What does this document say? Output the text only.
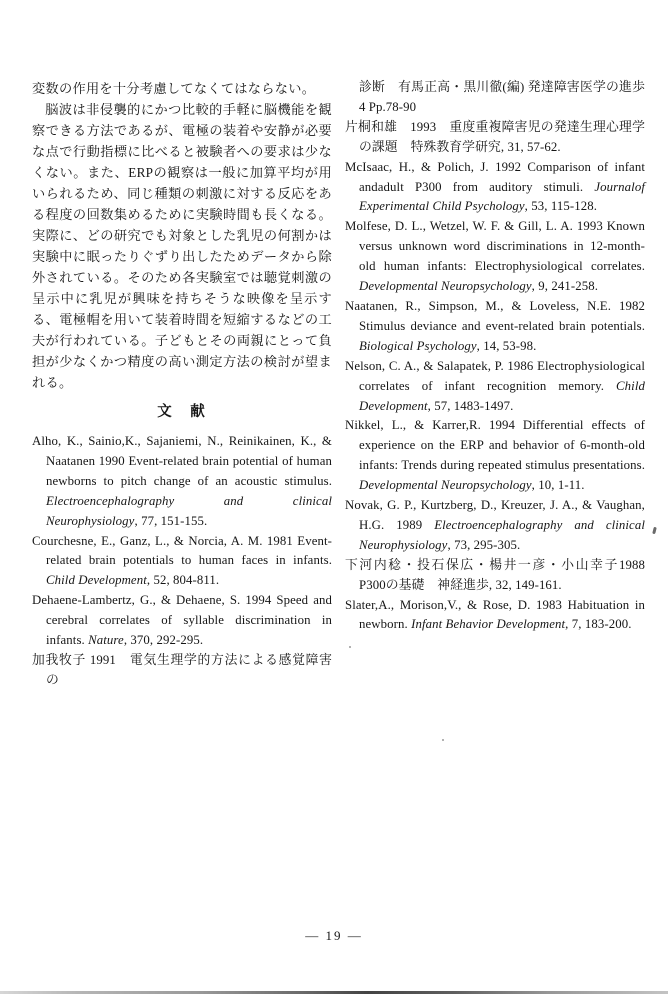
変数の作用を十分考慮してなくてはならない。

脳波は非侵襲的にかつ比較的手軽に脳機能を観察できる方法であるが、電極の装着や安静が必要な点で行動指標に比べると被験者への要求は少なくない。また、ERPの観察は一般に加算平均が用いられるため、同じ種類の刺激に対する反応をある程度の回数集めるために実験時間も長くなる。実際に、どの研究でも対象とした乳児の何割かは実験中に眠ったりぐずり出したためデータから除外されている。そのため各実験室では聴覚刺激の呈示中に乳児が興味を持ちそうな映像を呈示する、電極帽を用いて装着時間を短縮するなどの工夫が行われている。子どもとその両親にとって負担が少なくかつ精度の高い測定方法の検討が望まれる。

文　献

Alho, K., Sainio,K., Sajaniemi, N., Reinikainen, K., & Naatanen 1990 Event-related brain potential of human newborns to pitch change of an acoustic stimulus. Electroencephalography and clinical Neurophysiology, 77, 151-155.

Courchesne, E., Ganz, L., & Norcia, A. M. 1981 Event-related brain potentials to human faces in infants. Child Development, 52, 804-811.

Dehaene-Lambertz, G., & Dehaene, S. 1994 Speed and cerebral correlates of syllable discrimination in infants. Nature, 370, 292-295.

加我牧子 1991　電気生理学的方法による感覚障害の

診断　有馬正高・黒川徹(編) 発達障害医学の進歩 4 Pp.78-90

片桐和雄　1993　重度重複障害児の発達生理心理学の課題　特殊教育学研究, 31, 57-62.

McIsaac, H., & Polich, J. 1992 Comparison of infant andadult P300 from auditory stimuli. Journalof Experimental Child Psychology, 53, 115-128.

Molfese, D. L., Wetzel, W. F. & Gill, L. A. 1993 Known versus unknown word discriminations in 12-month-old human infants: Electrophysiological correlates. Developmental Neuropsychology, 9, 241-258.

Naatanen, R., Simpson, M., & Loveless, N.E. 1982 Stimulus deviance and event-related brain potentials. Biological Psychology, 14, 53-98.

Nelson, C. A., & Salapatek, P. 1986 Electrophysiological correlates of infant recognition memory. Child Development, 57, 1483-1497.

Nikkel, L., & Karrer,R. 1994 Differential effects of experience on the ERP and behavior of 6-month-old infants: Trends during repeated stimulus presentations. Developmental Neuropsychology, 10, 1-11.

Novak, G. P., Kurtzberg, D., Kreuzer, J. A., & Vaughan, H.G. 1989 Electroencephalography and clinical Neurophysiology, 73, 295-305.

下河内稔・投石保広・楊井一彦・小山幸子1988　P300の基礎　神経進歩, 32, 149-161.

Slater,A., Morison,V., & Rose, D. 1983 Habituation in newborn. Infant Behavior Development, 7, 183-200.

— 19 —
